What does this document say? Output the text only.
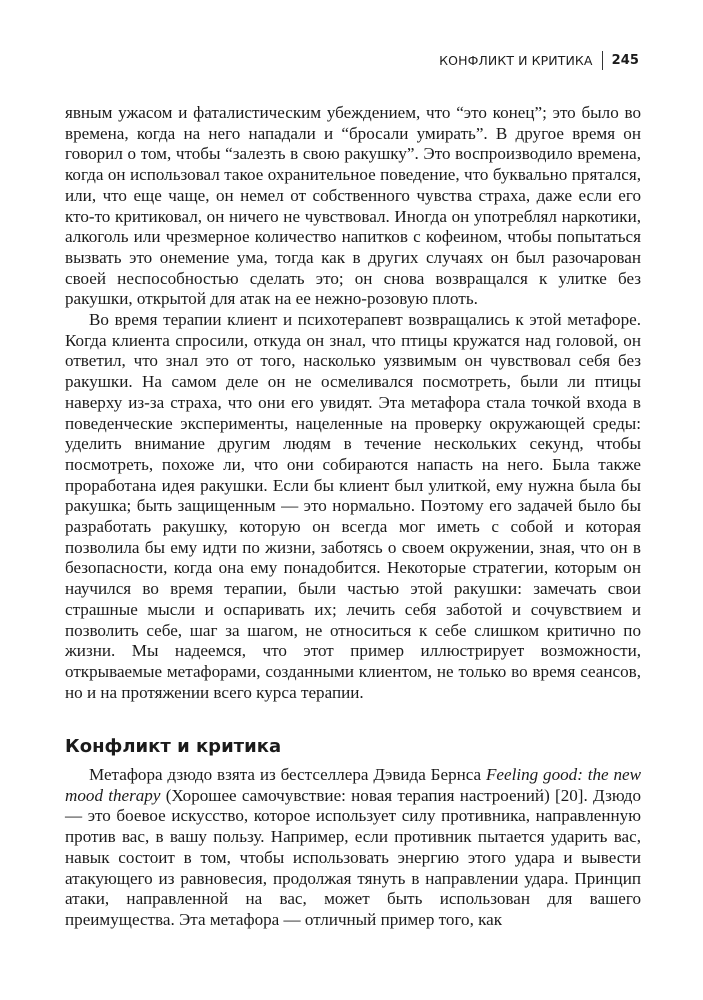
КОНФЛИКТ И КРИТИКА	245

явным ужасом и фаталистическим убеждением, что “это конец”; это было во времена, когда на него нападали и “бросали умирать”. В другое время он говорил о том, чтобы “залезть в свою ракушку”. Это воспроизводило времена, когда он использовал такое охранительное поведение, что буквально прятался, или, что еще чаще, он немел от собственного чувства страха, даже если его кто-то критиковал, он ничего не чувствовал. Иногда он употреблял наркотики, алкоголь или чрезмерное количество напитков с кофеином, чтобы попытаться вызвать это онемение ума, тогда как в других случаях он был разочарован своей неспособностью сделать это; он снова возвращался к улитке без ракушки, открытой для атак на ее нежно-розовую плоть.

Во время терапии клиент и психотерапевт возвращались к этой метафоре. Когда клиента спросили, откуда он знал, что птицы кружатся над головой, он ответил, что знал это от того, насколько уязвимым он чувствовал себя без ракушки. На самом деле он не осмеливался посмотреть, были ли птицы наверху из-за страха, что они его увидят. Эта метафора стала точкой входа в поведенческие эксперименты, нацеленные на проверку окружающей среды: уделить внимание другим людям в течение нескольких секунд, чтобы посмотреть, похоже ли, что они собираются напасть на него. Была также проработана идея ракушки. Если бы клиент был улиткой, ему нужна была бы ракушка; быть защищенным — это нормально. Поэтому его задачей было бы разработать ракушку, которую он всегда мог иметь с собой и которая позволила бы ему идти по жизни, заботясь о своем окружении, зная, что он в безопасности, когда она ему понадобится. Некоторые стратегии, которым он научился во время терапии, были частью этой ракушки: замечать свои страшные мысли и оспаривать их; лечить себя заботой и сочувствием и позволить себе, шаг за шагом, не относиться к себе слишком критично по жизни. Мы надеемся, что этот пример иллюстрирует возможности, открываемые метафорами, созданными клиентом, не только во время сеансов, но и на протяжении всего курса терапии.

Конфликт и критика

Метафора дзюдо взята из бестселлера Дэвида Бернса Feeling good: the new mood therapy (Хорошее самочувствие: новая терапия настроений) [20]. Дзюдо — это боевое искусство, которое использует силу противника, направленную против вас, в вашу пользу. Например, если противник пытается ударить вас, навык состоит в том, чтобы использовать энергию этого удара и вывести атакующего из равновесия, продолжая тянуть в направлении удара. Принцип атаки, направленной на вас, может быть использован для вашего преимущества. Эта метафора — отличный пример того, как
